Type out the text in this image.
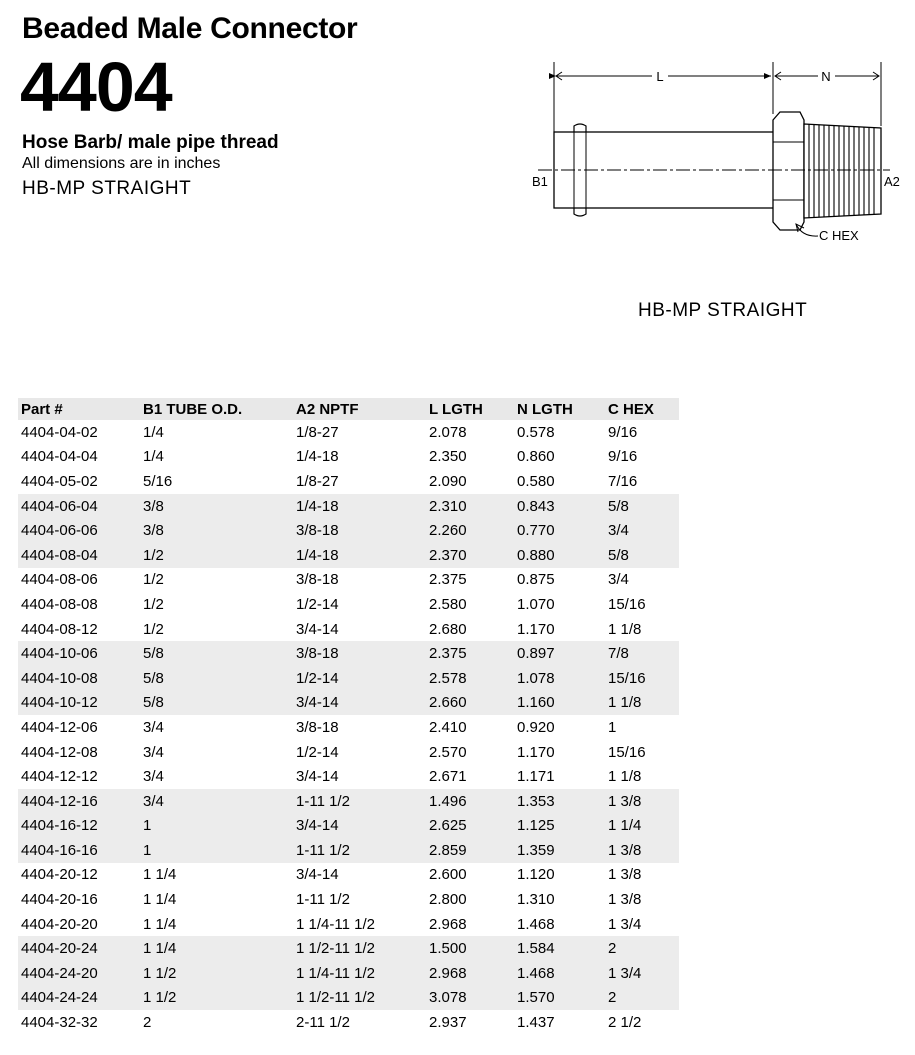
Beaded Male Connector
4404
Hose Barb/ male pipe thread
All dimensions are in inches
HB-MP STRAIGHT
L	N
B1	A2
C HEX
HB-MP STRAIGHT
Part #	B1 TUBE O.D.	A2 NPTF	L LGTH	N LGTH	C HEX
4404-04-02	1/4	1/8-27	2.078	0.578	9/16
4404-04-04	1/4	1/4-18	2.350	0.860	9/16
4404-05-02	5/16	1/8-27	2.090	0.580	7/16
4404-06-04	3/8	1/4-18	2.310	0.843	5/8
4404-06-06	3/8	3/8-18	2.260	0.770	3/4
4404-08-04	1/2	1/4-18	2.370	0.880	5/8
4404-08-06	1/2	3/8-18	2.375	0.875	3/4
4404-08-08	1/2	1/2-14	2.580	1.070	15/16
4404-08-12	1/2	3/4-14	2.680	1.170	1 1/8
4404-10-06	5/8	3/8-18	2.375	0.897	7/8
4404-10-08	5/8	1/2-14	2.578	1.078	15/16
4404-10-12	5/8	3/4-14	2.660	1.160	1 1/8
4404-12-06	3/4	3/8-18	2.410	0.920	1
4404-12-08	3/4	1/2-14	2.570	1.170	15/16
4404-12-12	3/4	3/4-14	2.671	1.171	1 1/8
4404-12-16	3/4	1-11 1/2	1.496	1.353	1 3/8
4404-16-12	1	3/4-14	2.625	1.125	1 1/4
4404-16-16	1	1-11 1/2	2.859	1.359	1 3/8
4404-20-12	1 1/4	3/4-14	2.600	1.120	1 3/8
4404-20-16	1 1/4	1-11 1/2	2.800	1.310	1 3/8
4404-20-20	1 1/4	1 1/4-11 1/2	2.968	1.468	1 3/4
4404-20-24	1 1/4	1 1/2-11 1/2	1.500	1.584	2
4404-24-20	1 1/2	1 1/4-11 1/2	2.968	1.468	1 3/4
4404-24-24	1 1/2	1 1/2-11 1/2	3.078	1.570	2
4404-32-32	2	2-11 1/2	2.937	1.437	2 1/2
